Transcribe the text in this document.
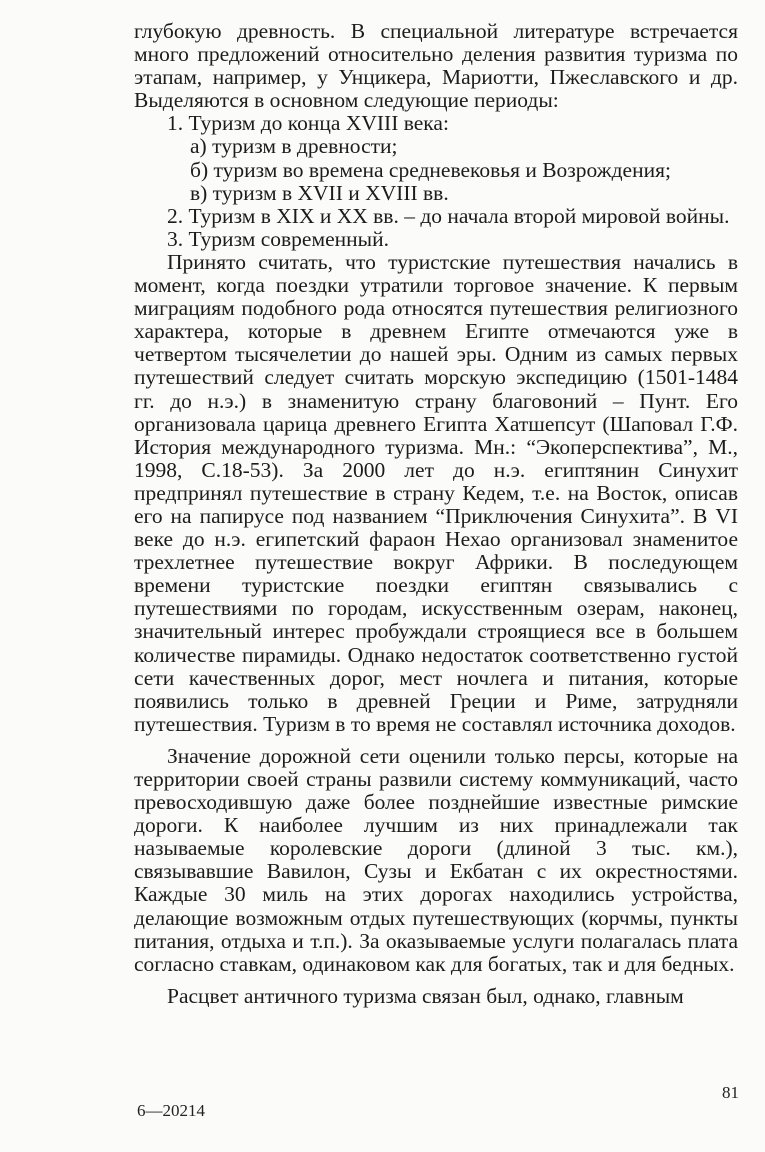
глубокую древность. В специальной литературе встречается много предложений относительно деления развития туризма по этапам, например, у Унцикера, Мариотти, Пжеславского и др. Выделяются в основном следующие периоды:

1. Туризм до конца XVIII века:

а) туризм в древности;

б) туризм во времена средневековья и Возрождения;

в) туризм в XVII и XVIII вв.

2. Туризм в XIX и XX вв. – до начала второй мировой войны.

3. Туризм современный.

Принято считать, что туристские путешествия начались в момент, когда поездки утратили торговое значение. К первым миграциям подобного рода относятся путешествия религиозного характера, которые в древнем Египте отмечаются уже в четвертом тысячелетии до нашей эры. Одним из самых первых путешествий следует считать морскую экспедицию (1501-1484 гг. до н.э.) в знаменитую страну благовоний – Пунт. Его организовала царица древнего Египта Хатшепсут (Шаповал Г.Ф. История международного туризма. Мн.: “Экоперспектива”, М., 1998, С.18-53). За 2000 лет до н.э. египтянин Синухит предпринял путешествие в страну Кедем, т.е. на Восток, описав его на папирусе под названием “Приключения Синухита”. В VI веке до н.э. египетский фараон Нехао организовал знаменитое трехлетнее путешествие вокруг Африки. В последующем времени туристские поездки египтян связывались с путешествиями по городам, искусственным озерам, наконец, значительный интерес пробуждали строящиеся все в большем количестве пирамиды. Однако недостаток соответственно густой сети качественных дорог, мест ночлега и питания, которые появились только в древней Греции и Риме, затрудняли путешествия. Туризм в то время не составлял источника доходов.

Значение дорожной сети оценили только персы, которые на территории своей страны развили систему коммуникаций, часто превосходившую даже более позднейшие известные римские дороги. К наиболее лучшим из них принадлежали так называемые королевские дороги (длиной 3 тыс. км.), связывавшие Вавилон, Сузы и Екбатан с их окрестностями. Каждые 30 миль на этих дорогах находились устройства, делающие возможным отдых путешествующих (корчмы, пункты питания, отдыха и т.п.). За оказываемые услуги полагалась плата согласно ставкам, одинаковом как для богатых, так и для бедных.

Расцвет античного туризма связан был, однако, главным

81
6—20214
